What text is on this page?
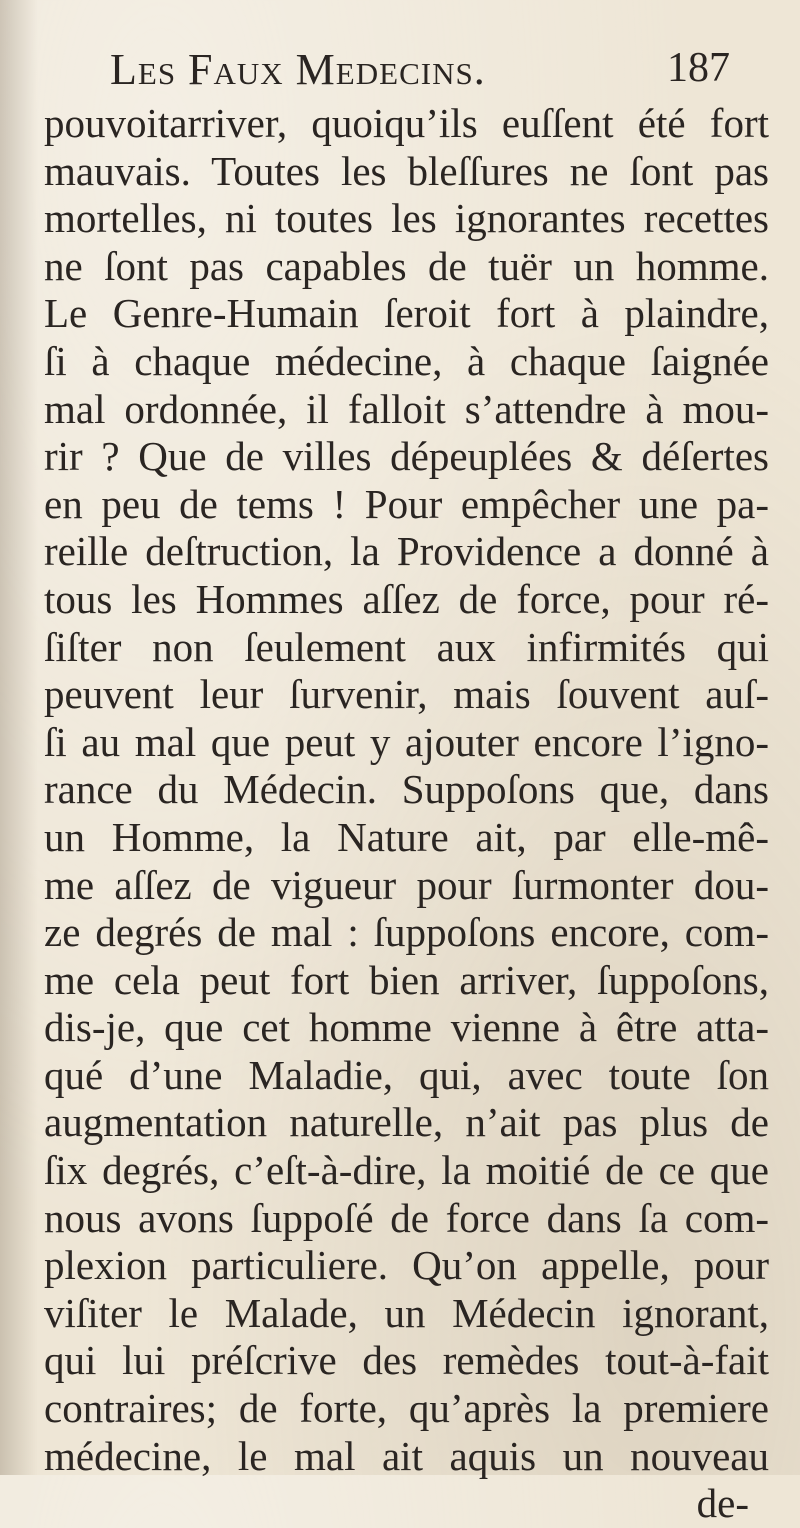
Les Faux Medecins.	187
pouvoitarriver, quoiqu’ils euſſent été fort
mauvais. Toutes les bleſſures ne ſont pas
mortelles, ni toutes les ignorantes recettes
ne ſont pas capables de tuër un homme.
Le Genre-Humain ſeroit fort à plaindre,
ſi à chaque médecine, à chaque ſaignée
mal ordonnée, il falloit s’attendre à mou-
rir ? Que de villes dépeuplées & déſertes
en peu de tems ! Pour empêcher une pa-
reille deſtruction, la Providence a donné à
tous les Hommes aſſez de force, pour ré-
ſiſter non ſeulement aux infirmités qui
peuvent leur ſurvenir, mais ſouvent auſ-
ſi au mal que peut y ajouter encore l’igno-
rance du Médecin. Suppoſons que, dans
un Homme, la Nature ait, par elle-mê-
me aſſez de vigueur pour ſurmonter dou-
ze degrés de mal : ſuppoſons encore, com-
me cela peut fort bien arriver, ſuppoſons,
dis-je, que cet homme vienne à être atta-
qué d’une Maladie, qui, avec toute ſon
augmentation naturelle, n’ait pas plus de
ſix degrés, c’eſt-à-dire, la moitié de ce que
nous avons ſuppoſé de force dans ſa com-
plexion particuliere. Qu’on appelle, pour
viſiter le Malade, un Médecin ignorant,
qui lui préſcrive des remèdes tout-à-fait
contraires; de forte, qu’après la premiere
médecine, le mal ait aquis un nouveau
de-
